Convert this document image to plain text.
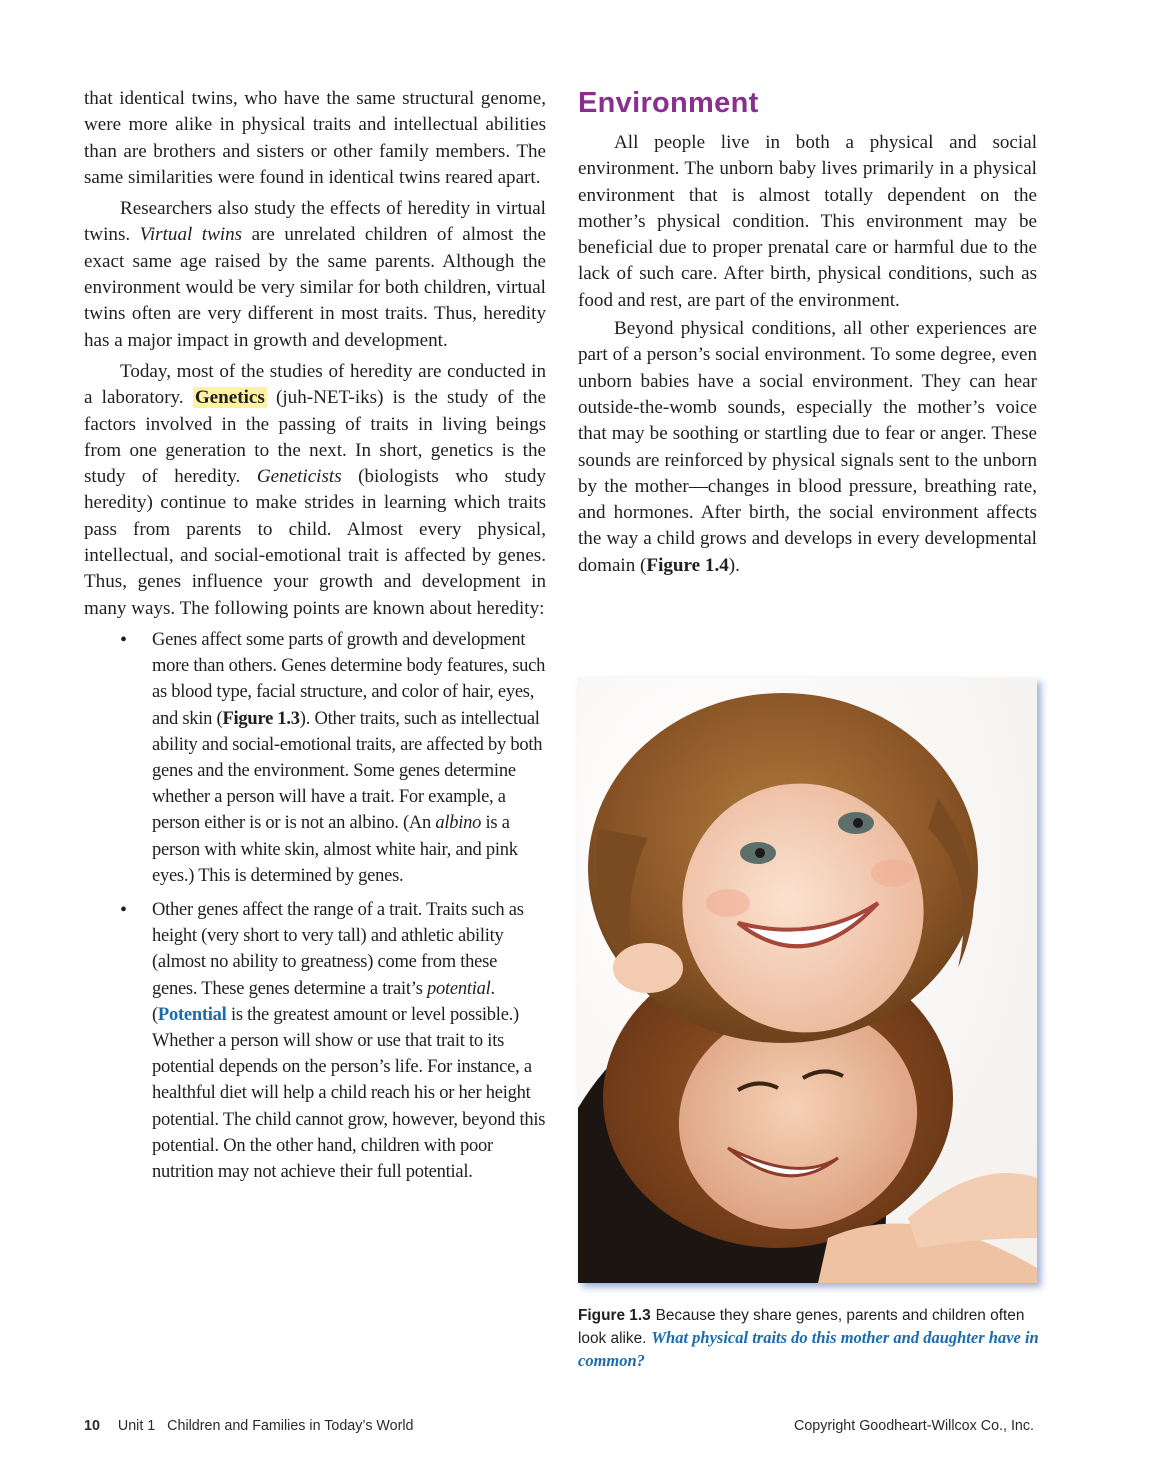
that identical twins, who have the same structural genome, were more alike in physical traits and intellectual abilities than are brothers and sisters or other family members. The same similarities were found in identical twins reared apart.

Researchers also study the effects of heredity in virtual twins. Virtual twins are unrelated children of almost the exact same age raised by the same parents. Although the environment would be very similar for both children, virtual twins often are very different in most traits. Thus, heredity has a major impact in growth and development.

Today, most of the studies of heredity are conducted in a laboratory. Genetics (juh-NET-iks) is the study of the factors involved in the passing of traits in living beings from one generation to the next. In short, genetics is the study of heredity. Geneticists (biologists who study heredity) continue to make strides in learning which traits pass from parents to child. Almost every physical, intellectual, and social-emotional trait is affected by genes. Thus, genes influence your growth and development in many ways. The following points are known about heredity:

• Genes affect some parts of growth and development more than others. Genes determine body features, such as blood type, facial structure, and color of hair, eyes, and skin (Figure 1.3). Other traits, such as intellectual ability and social-emotional traits, are affected by both genes and the environment. Some genes determine whether a person will have a trait. For example, a person either is or is not an albino. (An albino is a person with white skin, almost white hair, and pink eyes.) This is determined by genes.
• Other genes affect the range of a trait. Traits such as height (very short to very tall) and athletic ability (almost no ability to greatness) come from these genes. These genes determine a trait’s potential. (Potential is the greatest amount or level possible.) Whether a person will show or use that trait to its potential depends on the person’s life. For instance, a healthful diet will help a child reach his or her height potential. The child cannot grow, however, beyond this potential. On the other hand, children with poor nutrition may not achieve their full potential.
Environment

All people live in both a physical and social environment. The unborn baby lives primarily in a physical environment that is almost totally dependent on the mother’s physical condition. This environment may be beneficial due to proper prenatal care or harmful due to the lack of such care. After birth, physical conditions, such as food and rest, are part of the environment.

Beyond physical conditions, all other experiences are part of a person’s social environment. To some degree, even unborn babies have a social environment. They can hear outside-the-womb sounds, especially the mother’s voice that may be soothing or startling due to fear or anger. These sounds are reinforced by physical signals sent to the unborn by the mother—changes in blood pressure, breathing rate, and hormones. After birth, the social environment affects the way a child grows and develops in every developmental domain (Figure 1.4).

Figure 1.3 Because they share genes, parents and children often look alike. What physical traits do this mother and daughter have in common?
10 Unit 1   Children and Families in Today’s World	Copyright Goodheart-Willcox Co., Inc.
